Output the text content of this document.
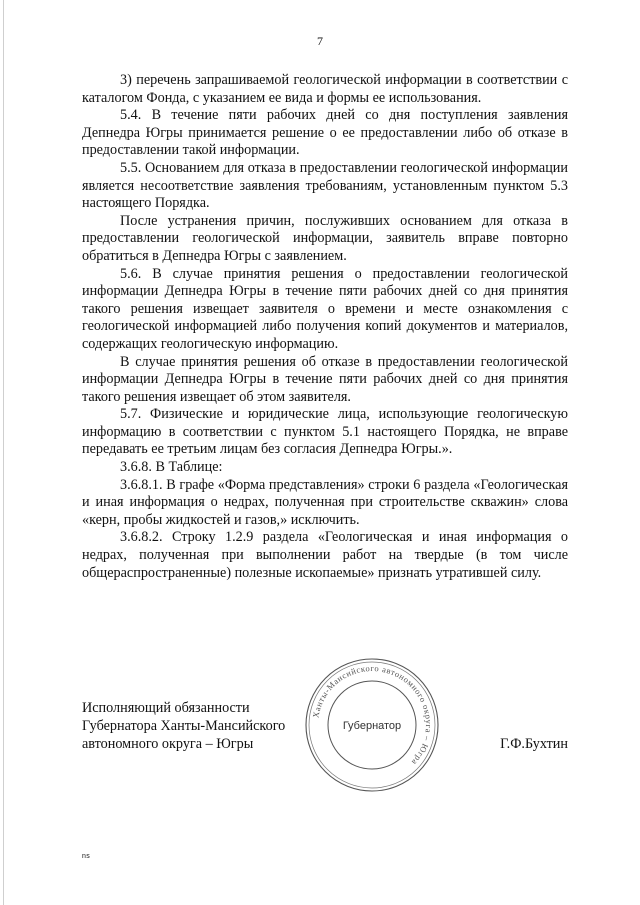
7

3) перечень запрашиваемой геологической информации в соответствии с каталогом Фонда, с указанием ее вида и формы ее использования.

5.4. В течение пяти рабочих дней со дня поступления заявления Депнедра Югры принимается решение о ее предоставлении либо об отказе в предоставлении такой информации.

5.5. Основанием для отказа в предоставлении геологической информации является несоответствие заявления требованиям, установленным пунктом 5.3 настоящего Порядка.

После устранения причин, послуживших основанием для отказа в предоставлении геологической информации, заявитель вправе повторно обратиться в Депнедра Югры с заявлением.

5.6. В случае принятия решения о предоставлении геологической информации Депнедра Югры в течение пяти рабочих дней со дня принятия такого решения извещает заявителя о времени и месте ознакомления с геологической информацией либо получения копий документов и материалов, содержащих геологическую информацию.

В случае принятия решения об отказе в предоставлении геологической информации Депнедра Югры в течение пяти рабочих дней со дня принятия такого решения извещает об этом заявителя.

5.7. Физические и юридические лица, использующие геологическую информацию в соответствии с пунктом 5.1 настоящего Порядка, не вправе передавать ее третьим лицам без согласия Депнедра Югры.».

3.6.8. В Таблице:

3.6.8.1. В графе «Форма представления» строки 6 раздела «Геологическая и иная информация о недрах, полученная при строительстве скважин» слова «керн, пробы жидкостей и газов,» исключить.

3.6.8.2. Строку 1.2.9 раздела «Геологическая и иная информация о недрах, полученная при выполнении работ на твердые (в том числе общераспространенные) полезные ископаемые» признать утратившей силу.

Исполняющий обязанности
Губернатора Ханты-Мансийского
автономного округа – Югры	Г.Ф.Бухтин
Ханты-Мансийского автономного округа – Югра
Губернатор
ns
